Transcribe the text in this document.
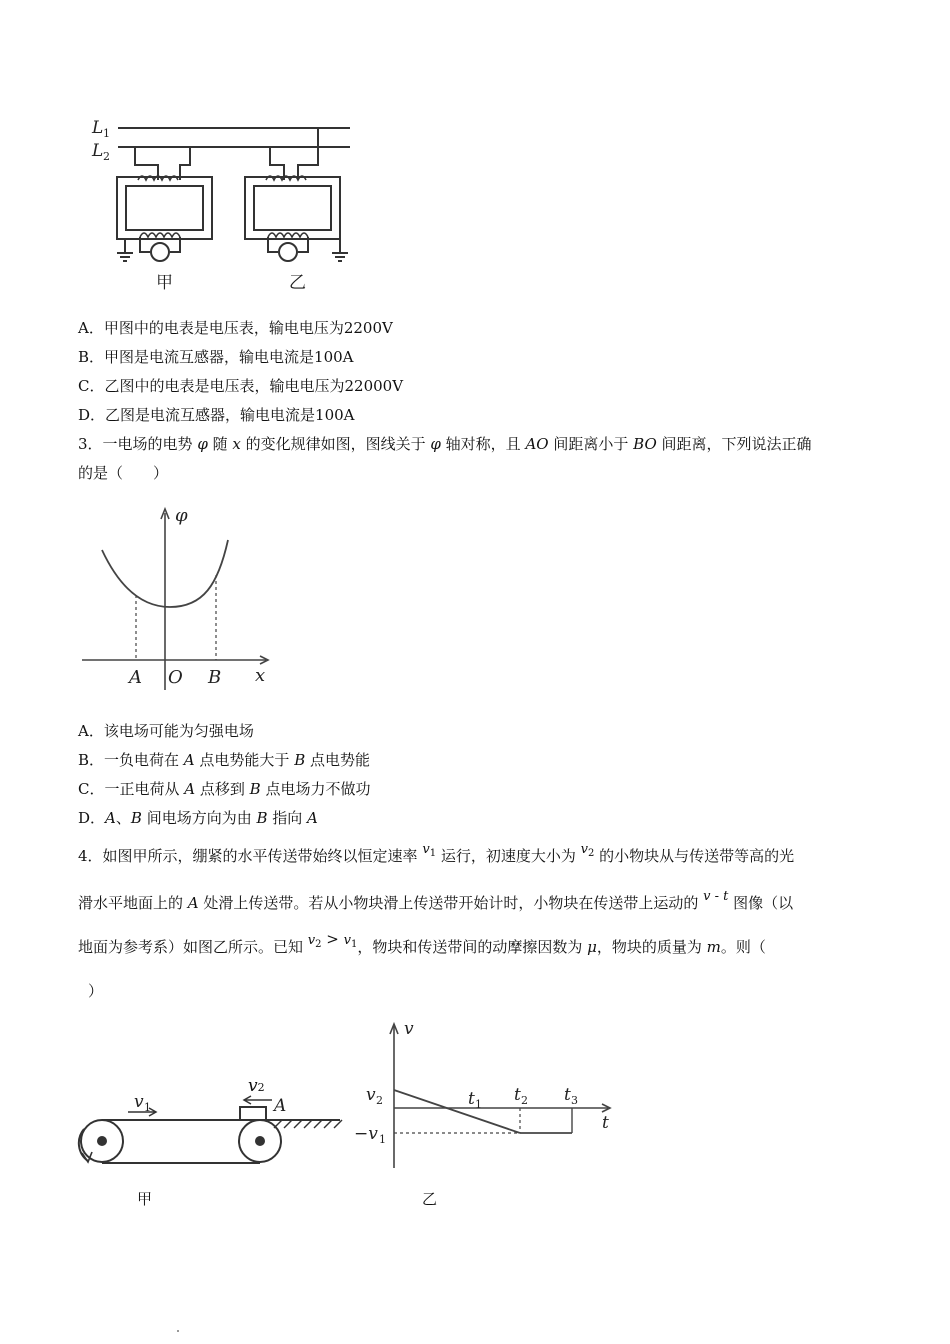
L 1
L 2
甲	乙
A．甲图中的电表是电压表，输电电压为2200V
B．甲图是电流互感器，输电电流是100A
C．乙图中的电表是电压表，输电电压为22000V
D．乙图是电流互感器，输电电流是100A
3．一电场的电势 φ 随 x 的变化规律如图，图线关于 φ 轴对称，且 AO 间距离小于 BO 间距离，下列说法正确
的是（　　）
φ
x
A O B
A．该电场可能为匀强电场
B．一负电荷在 A 点电势能大于 B 点电势能
C．一正电荷从 A 点移到 B 点电场力不做功
D．A、B 间电场方向为由 B 指向 A
4．如图甲所示，绷紧的水平传送带始终以恒定速率 $v^1$ 运行，初速度大小为 $v^2$ 的小物块从与传送带等高的光
滑水平地面上的 A 处滑上传送带。若从小物块滑上传送带开始计时，小物块在传送带上运动的 v - t 图像（以
地面为参考系）如图乙所示。已知 $v^2 > v^1$，物块和传送带间的动摩擦因数为 μ，物块的质量为 m。则（
）
v 1	A
v2
甲
v
t
v 2
−v 1
t 1 t 2 t 3
乙
